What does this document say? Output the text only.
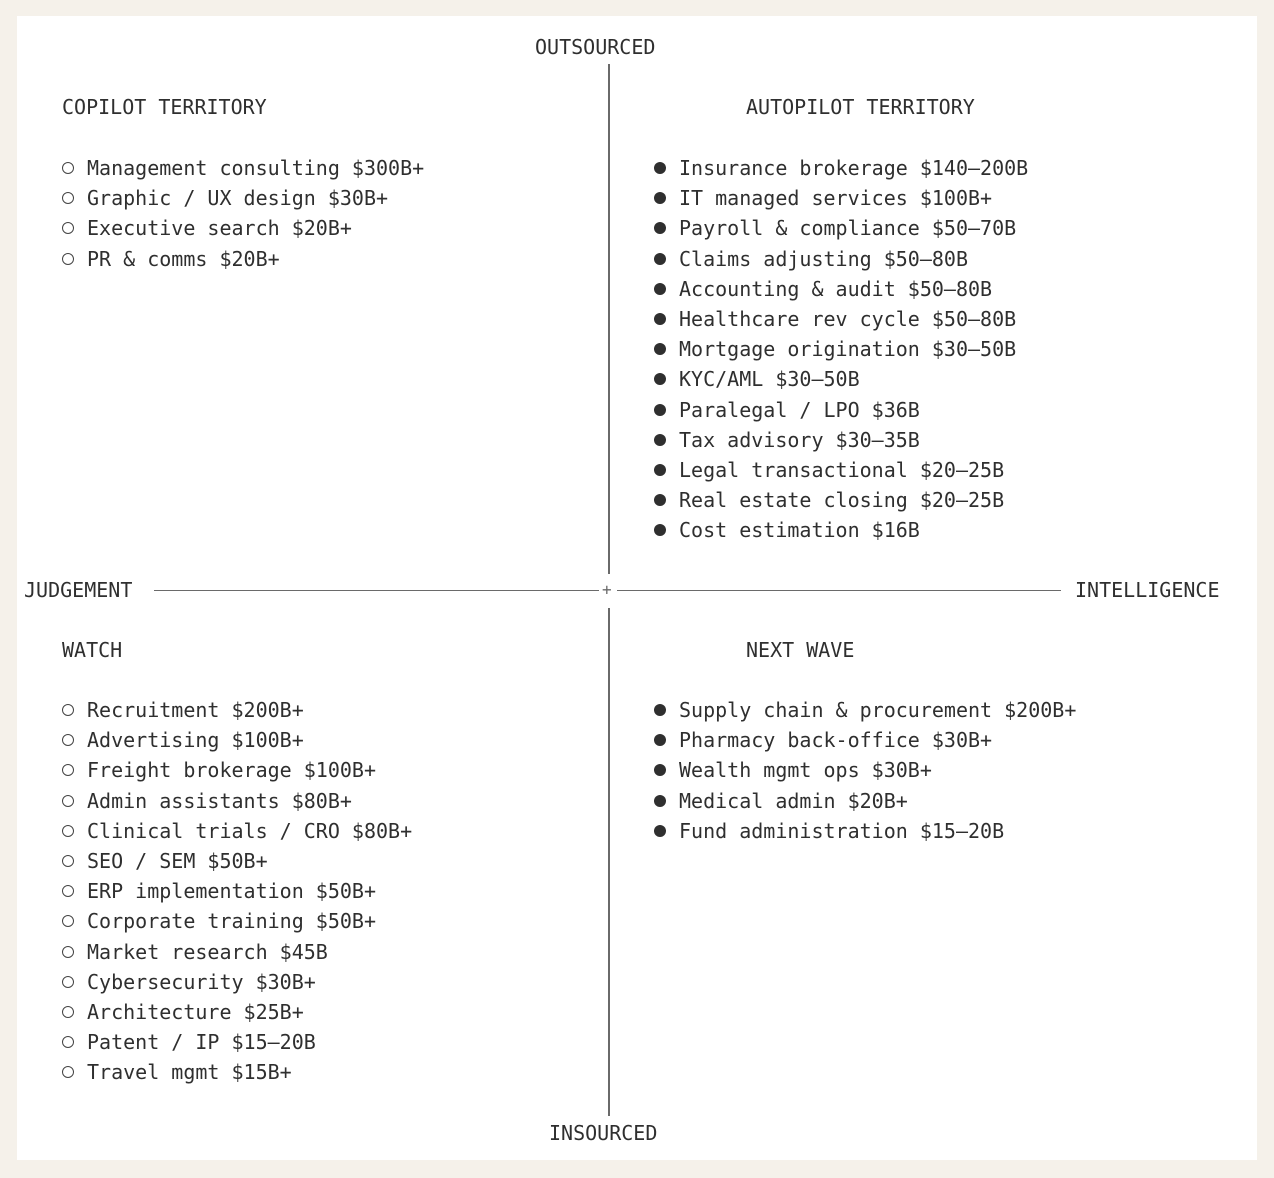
OUTSOURCED
INSOURCED
JUDGEMENT	INTELLIGENCE
+
COPILOT TERRITORY
Management consulting $300B+
Graphic / UX design $30B+
Executive search $20B+
PR & comms $20B+
AUTOPILOT TERRITORY
Insurance brokerage $140–200B
IT managed services $100B+
Payroll & compliance $50–70B
Claims adjusting $50–80B
Accounting & audit $50–80B
Healthcare rev cycle $50–80B
Mortgage origination $30–50B
KYC/AML $30–50B
Paralegal / LPO $36B
Tax advisory $30–35B
Legal transactional $20–25B
Real estate closing $20–25B
Cost estimation $16B
WATCH
Recruitment $200B+
Advertising $100B+
Freight brokerage $100B+
Admin assistants $80B+
Clinical trials / CRO $80B+
SEO / SEM $50B+
ERP implementation $50B+
Corporate training $50B+
Market research $45B
Cybersecurity $30B+
Architecture $25B+
Patent / IP $15–20B
Travel mgmt $15B+
NEXT WAVE
Supply chain & procurement $200B+
Pharmacy back-office $30B+
Wealth mgmt ops $30B+
Medical admin $20B+
Fund administration $15–20B
